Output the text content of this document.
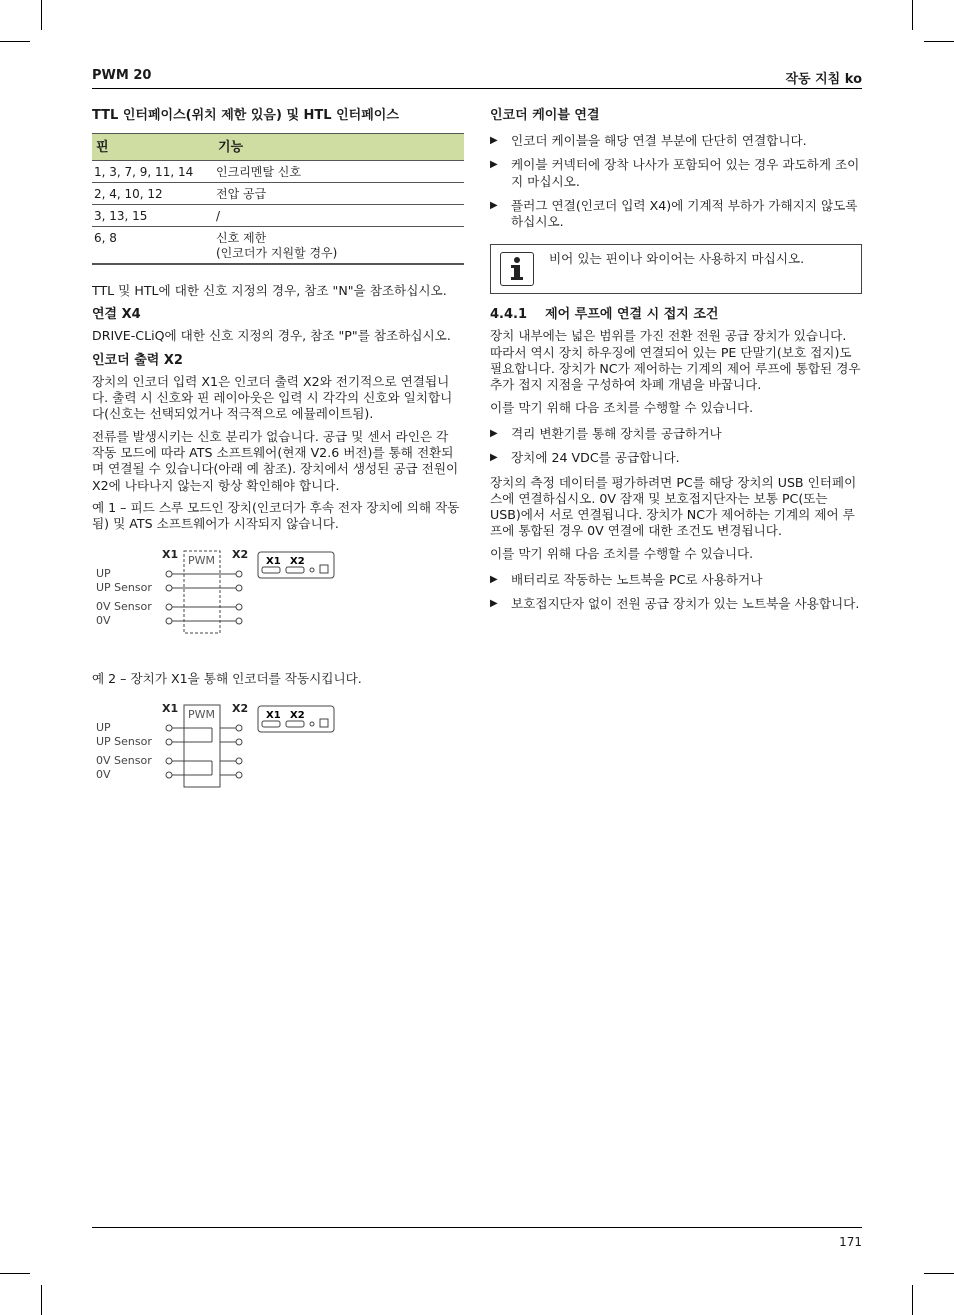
PWM 20	작동 지침 ko
TTL 인터페이스(위치 제한 있음) 및 HTL 인터페이스
핀	기능
1, 3, 7, 9, 11, 14	인크리멘탈 신호
2, 4, 10, 12	전압 공급
3, 13, 15	/
6, 8	신호 제한
(인코더가 지원할 경우)

TTL 및 HTL에 대한 신호 지정의 경우, 참조 "N"을 참조하십시오.

연결 X4

DRIVE-CLiQ에 대한 신호 지정의 경우, 참조 "P"를 참조하십시오.

인코더 출력 X2

장치의 인코더 입력 X1은 인코더 출력 X2와 전기적으로 연결됩니다. 출력 시 신호와 핀 레이아웃은 입력 시 각각의 신호와 일치합니다(신호는 선택되었거나 적극적으로 에뮬레이트됨).

전류를 발생시키는 신호 분리가 없습니다. 공급 및 센서 라인은 각 작동 모드에 따라 ATS 소프트웨어(현재 V2.6 버전)를 통해 전환되며 연결될 수 있습니다(아래 예 참조). 장치에서 생성된 공급 전원이 X2에 나타나지 않는지 항상 확인해야 합니다.

예 1 – 피드 스루 모드인 장치(인코더가 후속 전자 장치에 의해 작동됨) 및 ATS 소프트웨어가 시작되지 않습니다.

X1	X2
PWM
UP
UP Sensor
0V Sensor
0V
X1 X2

예 2 – 장치가 X1을 통해 인코더를 작동시킵니다.

X1	X2
PWM
UP
UP Sensor
0V Sensor
0V
X1 X2
인코더 케이블 연결
▶ 인코더 케이블을 해당 연결 부분에 단단히 연결합니다.
▶ 케이블 커넥터에 장착 나사가 포함되어 있는 경우 과도하게 조이지 마십시오.
▶ 플러그 연결(인코더 입력 X4)에 기계적 부하가 가해지지 않도록 하십시오.
비어 있는 핀이나 와이어는 사용하지 마십시오.
4.4.1 제어 루프에 연결 시 접지 조건

장치 내부에는 넓은 범위를 가진 전환 전원 공급 장치가 있습니다. 따라서 역시 장치 하우징에 연결되어 있는 PE 단말기(보호 접지)도 필요합니다. 장치가 NC가 제어하는 기계의 제어 루프에 통합된 경우 추가 접지 지점을 구성하여 차폐 개념을 바꿉니다.

이를 막기 위해 다음 조치를 수행할 수 있습니다.

▶ 격리 변환기를 통해 장치를 공급하거나
▶ 장치에 24 VDC를 공급합니다.

장치의 측정 데이터를 평가하려면 PC를 해당 장치의 USB 인터페이스에 연결하십시오. 0V 잠재 및 보호접지단자는 보통 PC(또는 USB)에서 서로 연결됩니다. 장치가 NC가 제어하는 기계의 제어 루프에 통합된 경우 0V 연결에 대한 조건도 변경됩니다.

이를 막기 위해 다음 조치를 수행할 수 있습니다.

▶ 배터리로 작동하는 노트북을 PC로 사용하거나
▶ 보호접지단자 없이 전원 공급 장치가 있는 노트북을 사용합니다.
171
